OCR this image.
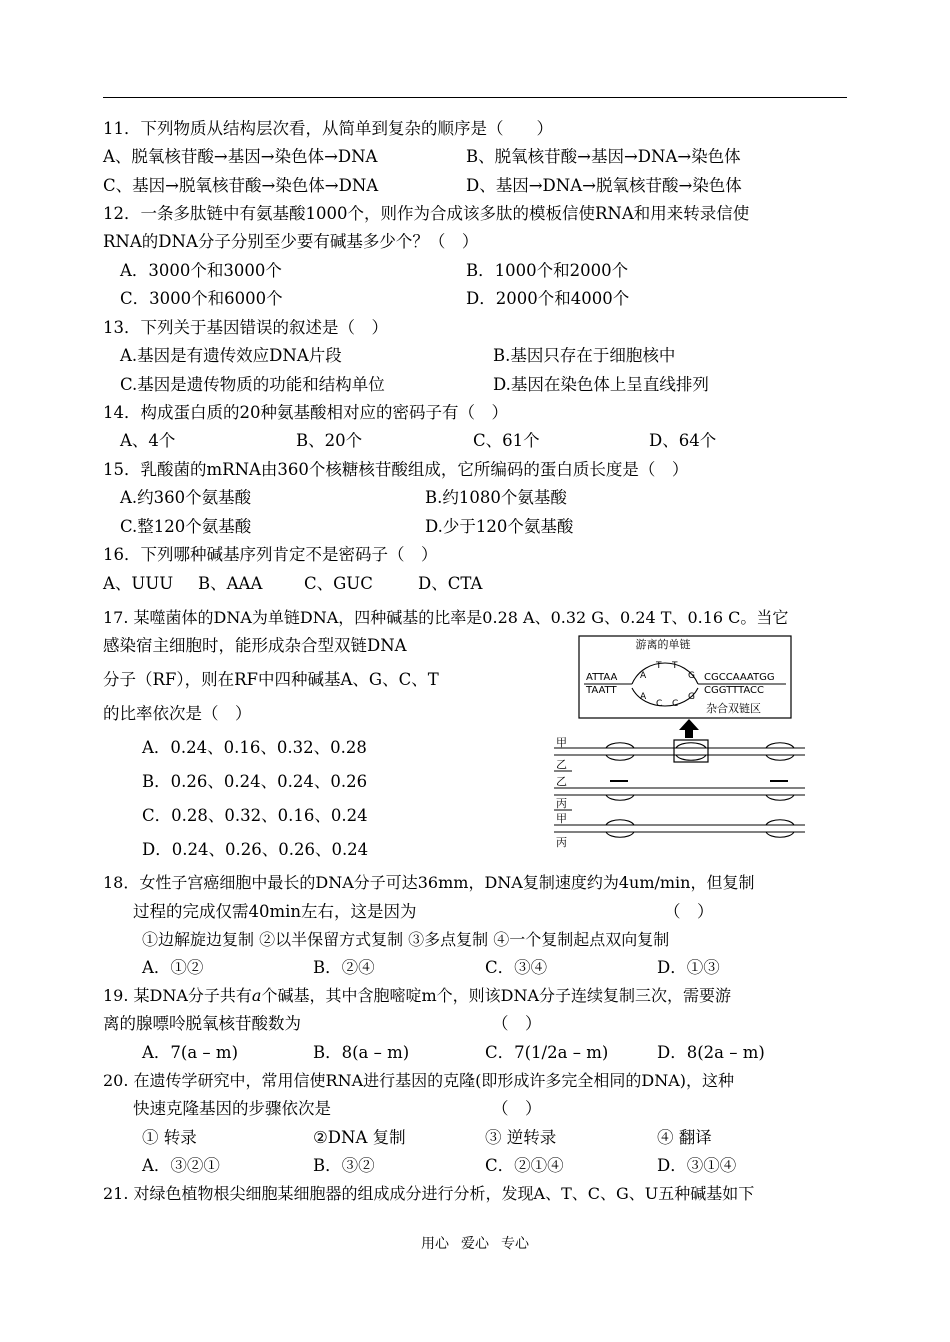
11．下列物质从结构层次看，从简单到复杂的顺序是（　　）
A、脱氧核苷酸→基因→染色体→DNA	B、脱氧核苷酸→基因→DNA→染色体
C、基因→脱氧核苷酸→染色体→DNA	D、基因→DNA→脱氧核苷酸→染色体
12．一条多肽链中有氨基酸1000个，则作为合成该多肽的模板信使RNA和用来转录信使
RNA的DNA分子分别至少要有碱基多少个？（　）
A．3000个和3000个	B．1000个和2000个
C．3000个和6000个	D．2000个和4000个
13．下列关于基因错误的叙述是（　）
A.基因是有遗传效应DNA片段	B.基因只存在于细胞核中
C.基因是遗传物质的功能和结构单位	D.基因在染色体上呈直线排列
14．构成蛋白质的20种氨基酸相对应的密码子有（　）
A、4个	B、20个	C、61个	D、64个
15．乳酸菌的mRNA由360个核糖核苷酸组成，它所编码的蛋白质长度是（　）
A.约360个氨基酸	B.约1080个氨基酸
C.整120个氨基酸	D.少于120个氨基酸
16．下列哪种碱基序列肯定不是密码子（　）
A、UUU B、AAA	C、GUC	D、CTA
17. 某噬菌体的DNA为单链DNA，四种碱基的比率是0.28 A、0.32 G、0.24 T、0.16 C。当它
感染宿主细胞时，能形成杂合型双链DNA
分子（RF），则在RF中四种碱基A、G、C、T
的比率依次是（　）
A．0.24、0.16、0.32、0.28
B．0.26、0.24、0.24、0.26
C．0.28、0.32、0.16、0.24
D．0.24、0.26、0.26、0.24
游离的单链
ATTAA
TAATT
CGCCAAATGG
CGGTTTACC
A
T T
G
A
C C
G
杂合双链区
甲
乙
乙
丙
甲
丙
18．女性子宫癌细胞中最长的DNA分子可达36mm，DNA复制速度约为4um/min，但复制
过程的完成仅需40min左右，这是因为	（　）
①边解旋边复制 ②以半保留方式复制 ③多点复制 ④一个复制起点双向复制
A．①②	B．②④	C．③④	D．①③
19. 某DNA分子共有a个碱基，其中含胞嘧啶m个，则该DNA分子连续复制三次，需要游
离的腺嘌呤脱氧核苷酸数为	（　）
A．7(a – m)	B．8(a – m)	C．7(1/2a – m)	D．8(2a – m)
20. 在遗传学研究中，常用信使RNA进行基因的克隆(即形成许多完全相同的DNA)，这种
快速克隆基因的步骤依次是	（　）
① 转录	②DNA 复制	③ 逆转录	④ 翻译
A．③②①	B．③②	C．②①④	D．③①④
21. 对绿色植物根尖细胞某细胞器的组成成分进行分析，发现A、T、C、G、U五种碱基如下
用心 爱心 专心
